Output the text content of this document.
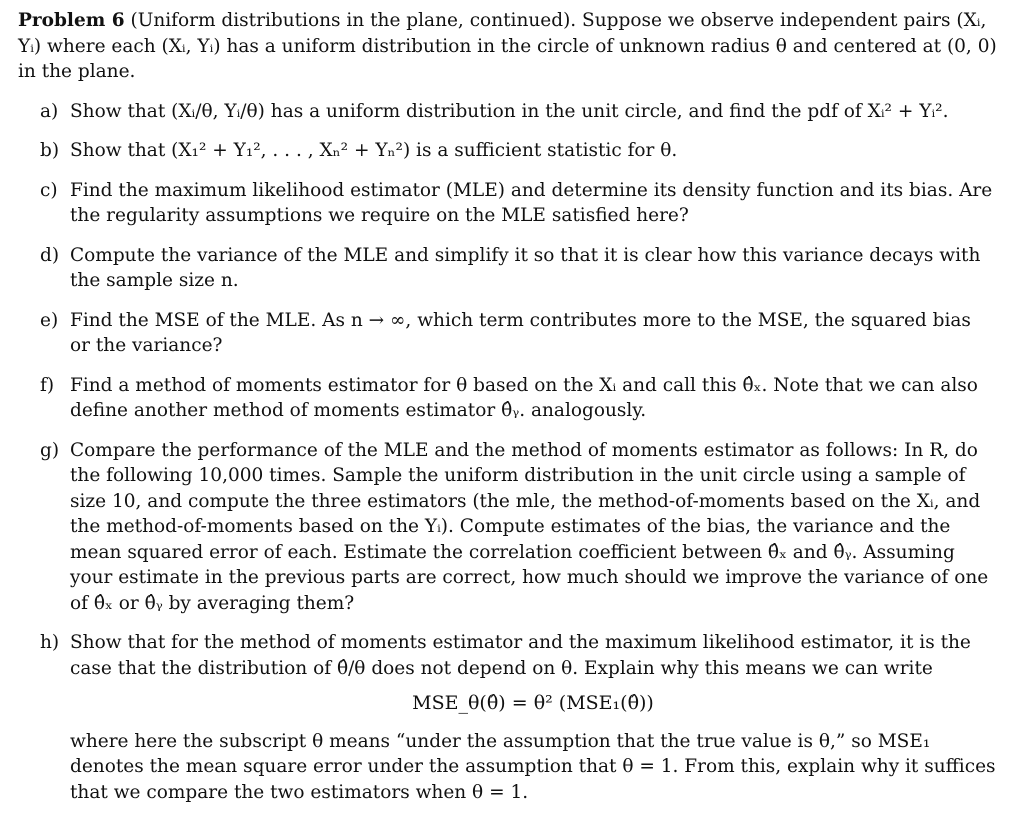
Problem 6 (Uniform distributions in the plane, continued). Suppose we observe independent pairs (Xᵢ, Yᵢ) where each (Xᵢ, Yᵢ) has a uniform distribution in the circle of unknown radius θ and centered at (0, 0) in the plane.

a) Show that (Xᵢ/θ, Yᵢ/θ) has a uniform distribution in the unit circle, and find the pdf of Xᵢ² + Yᵢ².
b) Show that (X₁² + Y₁², . . . , Xₙ² + Yₙ²) is a sufficient statistic for θ.
c) Find the maximum likelihood estimator (MLE) and determine its density function and its bias. Are the regularity assumptions we require on the MLE satisfied here?
d) Compute the variance of the MLE and simplify it so that it is clear how this variance decays with the sample size n.
e) Find the MSE of the MLE. As n → ∞, which term contributes more to the MSE, the squared bias or the variance?
f) Find a method of moments estimator for θ based on the Xᵢ and call this θ̂ₓ. Note that we can also define another method of moments estimator θ̂ᵧ. analogously.
g) Compare the performance of the MLE and the method of moments estimator as follows: In R, do the following 10,000 times. Sample the uniform distribution in the unit circle using a sample of size 10, and compute the three estimators (the mle, the method-of-moments based on the Xᵢ, and the method-of-moments based on the Yᵢ). Compute estimates of the bias, the variance and the mean squared error of each. Estimate the correlation coefficient between θ̂ₓ and θ̂ᵧ. Assuming your estimate in the previous parts are correct, how much should we improve the variance of one of θ̂ₓ or θ̂ᵧ by averaging them?
h) Show that for the method of moments estimator and the maximum likelihood estimator, it is the case that the distribution of θ̂/θ does not depend on θ. Explain why this means we can write
MSE_θ(θ̂) = θ² (MSE₁(θ̂))
where here the subscript θ means “under the assumption that the true value is θ,” so MSE₁ denotes the mean square error under the assumption that θ = 1. From this, explain why it suffices that we compare the two estimators when θ = 1.
